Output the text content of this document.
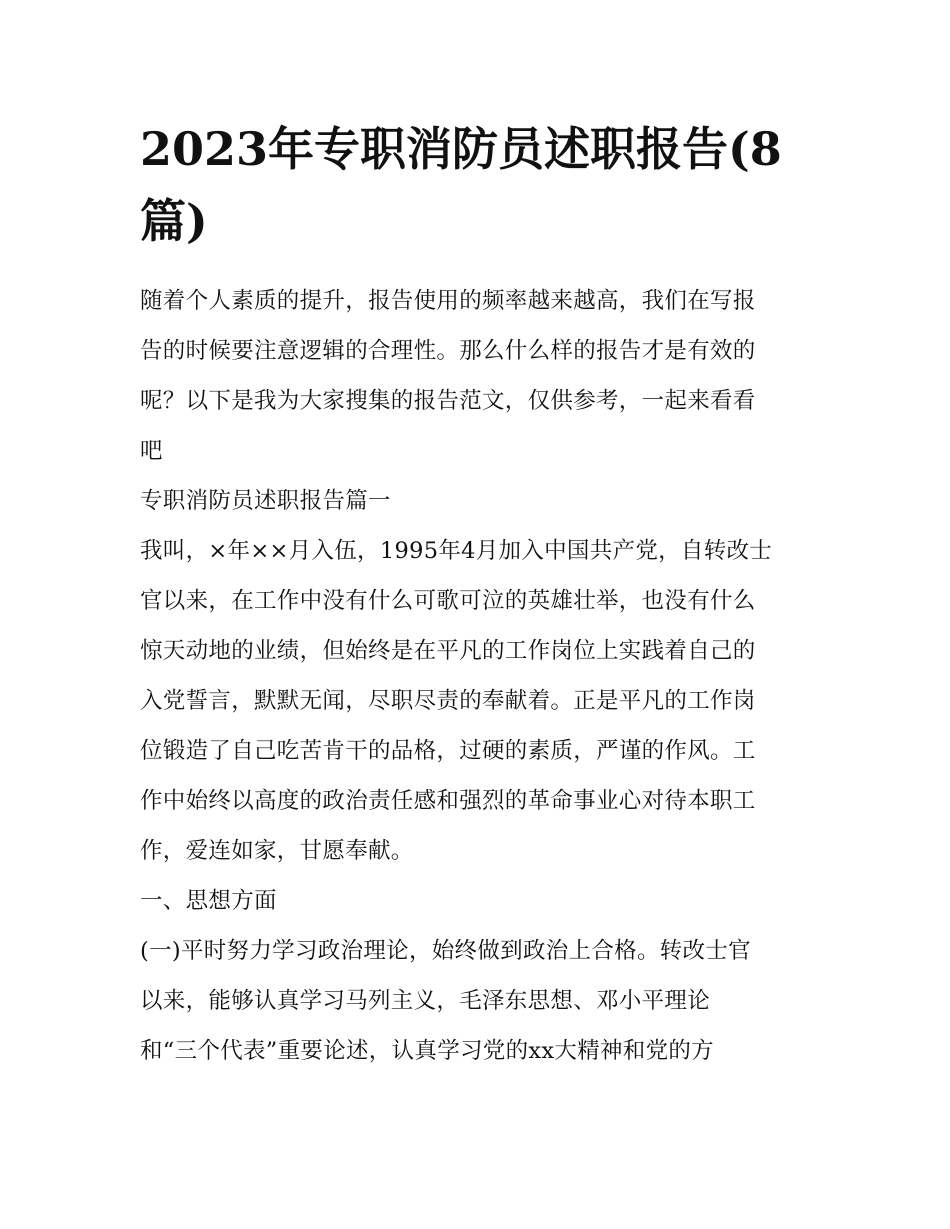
2023年专职消防员述职报告(8
篇)
随着个人素质的提升，报告使用的频率越来越高，我们在写报
告的时候要注意逻辑的合理性。那么什么样的报告才是有效的
呢？以下是我为大家搜集的报告范文，仅供参考，一起来看看
吧
专职消防员述职报告篇一
我叫，×年××月入伍，1995年4月加入中国共产党，自转改士
官以来，在工作中没有什么可歌可泣的英雄壮举，也没有什么
惊天动地的业绩，但始终是在平凡的工作岗位上实践着自己的
入党誓言，默默无闻，尽职尽责的奉献着。正是平凡的工作岗
位锻造了自己吃苦肯干的品格，过硬的素质，严谨的作风。工
作中始终以高度的政治责任感和强烈的革命事业心对待本职工
作，爱连如家，甘愿奉献。
一、思想方面
(一)平时努力学习政治理论，始终做到政治上合格。转改士官
以来，能够认真学习马列主义，毛泽东思想、邓小平理论
和“三个代表”重要论述，认真学习党的xx大精神和党的方
